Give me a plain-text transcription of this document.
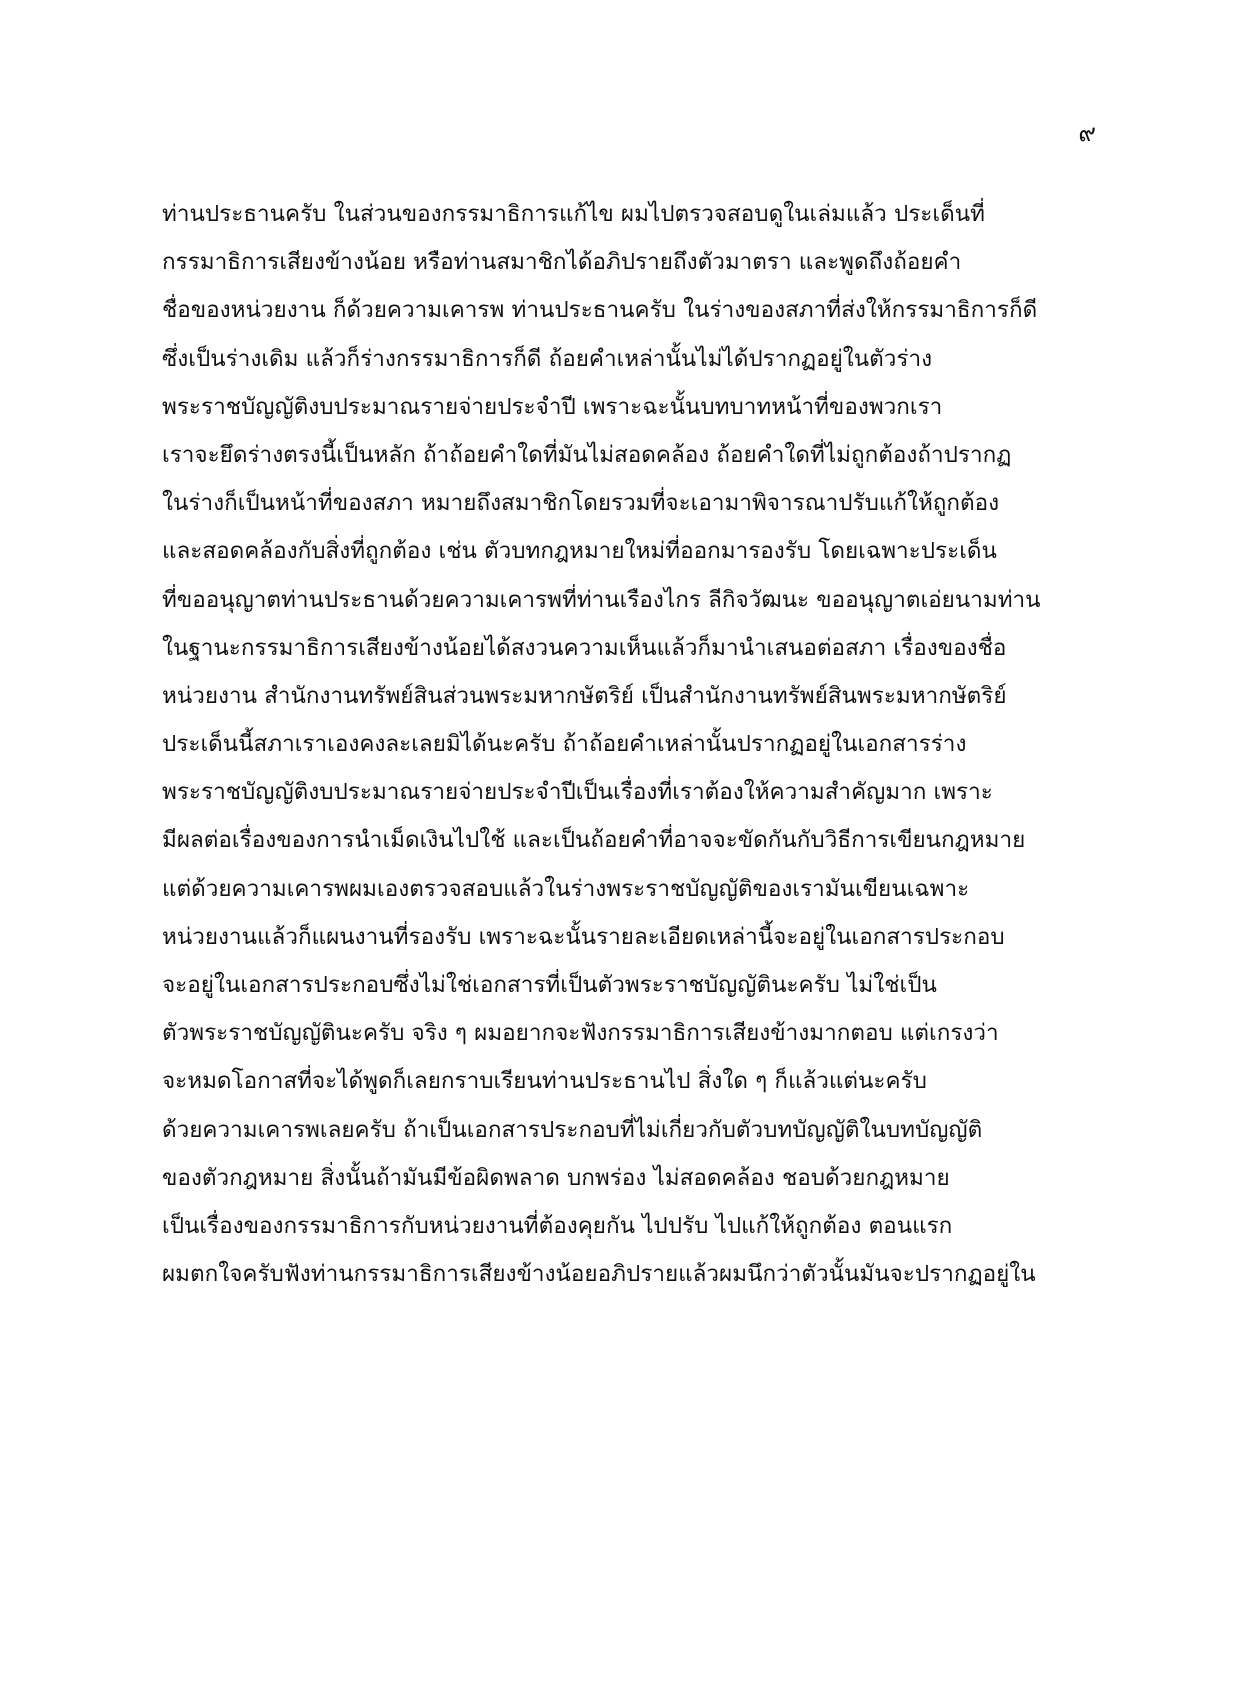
๙
ท่านประธานครับ ในส่วนของกรรมาธิการแก้ไข ผมไปตรวจสอบดูในเล่มแล้ว ประเด็นที่
กรรมาธิการเสียงข้างน้อย หรือท่านสมาชิกได้อภิปรายถึงตัวมาตรา และพูดถึงถ้อยคำ
ชื่อของหน่วยงาน ก็ด้วยความเคารพ ท่านประธานครับ ในร่างของสภาที่ส่งให้กรรมาธิการก็ดี
ซึ่งเป็นร่างเดิม แล้วก็ร่างกรรมาธิการก็ดี ถ้อยคำเหล่านั้นไม่ได้ปรากฏอยู่ในตัวร่าง
พระราชบัญญัติงบประมาณรายจ่ายประจำปี เพราะฉะนั้นบทบาทหน้าที่ของพวกเรา
เราจะยึดร่างตรงนี้เป็นหลัก ถ้าถ้อยคำใดที่มันไม่สอดคล้อง ถ้อยคำใดที่ไม่ถูกต้องถ้าปรากฏ
ในร่างก็เป็นหน้าที่ของสภา หมายถึงสมาชิกโดยรวมที่จะเอามาพิจารณาปรับแก้ให้ถูกต้อง
และสอดคล้องกับสิ่งที่ถูกต้อง เช่น ตัวบทกฎหมายใหม่ที่ออกมารองรับ โดยเฉพาะประเด็น
ที่ขออนุญาตท่านประธานด้วยความเคารพที่ท่านเรืองไกร ลีกิจวัฒนะ ขออนุญาตเอ่ยนามท่าน
ในฐานะกรรมาธิการเสียงข้างน้อยได้สงวนความเห็นแล้วก็มานำเสนอต่อสภา เรื่องของชื่อ
หน่วยงาน สำนักงานทรัพย์สินส่วนพระมหากษัตริย์ เป็นสำนักงานทรัพย์สินพระมหากษัตริย์
ประเด็นนี้สภาเราเองคงละเลยมิได้นะครับ ถ้าถ้อยคำเหล่านั้นปรากฏอยู่ในเอกสารร่าง
พระราชบัญญัติงบประมาณรายจ่ายประจำปีเป็นเรื่องที่เราต้องให้ความสำคัญมาก เพราะ
มีผลต่อเรื่องของการนำเม็ดเงินไปใช้ และเป็นถ้อยคำที่อาจจะขัดกันกับวิธีการเขียนกฎหมาย
แต่ด้วยความเคารพผมเองตรวจสอบแล้วในร่างพระราชบัญญัติของเรามันเขียนเฉพาะ
หน่วยงานแล้วก็แผนงานที่รองรับ เพราะฉะนั้นรายละเอียดเหล่านี้จะอยู่ในเอกสารประกอบ
จะอยู่ในเอกสารประกอบซึ่งไม่ใช่เอกสารที่เป็นตัวพระราชบัญญัตินะครับ ไม่ใช่เป็น
ตัวพระราชบัญญัตินะครับ จริง ๆ ผมอยากจะฟังกรรมาธิการเสียงข้างมากตอบ แต่เกรงว่า
จะหมดโอกาสที่จะได้พูดก็เลยกราบเรียนท่านประธานไป สิ่งใด ๆ ก็แล้วแต่นะครับ
ด้วยความเคารพเลยครับ ถ้าเป็นเอกสารประกอบที่ไม่เกี่ยวกับตัวบทบัญญัติในบทบัญญัติ
ของตัวกฎหมาย สิ่งนั้นถ้ามันมีข้อผิดพลาด บกพร่อง ไม่สอดคล้อง ชอบด้วยกฎหมาย
เป็นเรื่องของกรรมาธิการกับหน่วยงานที่ต้องคุยกัน ไปปรับ ไปแก้ให้ถูกต้อง ตอนแรก
ผมตกใจครับฟังท่านกรรมาธิการเสียงข้างน้อยอภิปรายแล้วผมนึกว่าตัวนั้นมันจะปรากฏอยู่ใน
